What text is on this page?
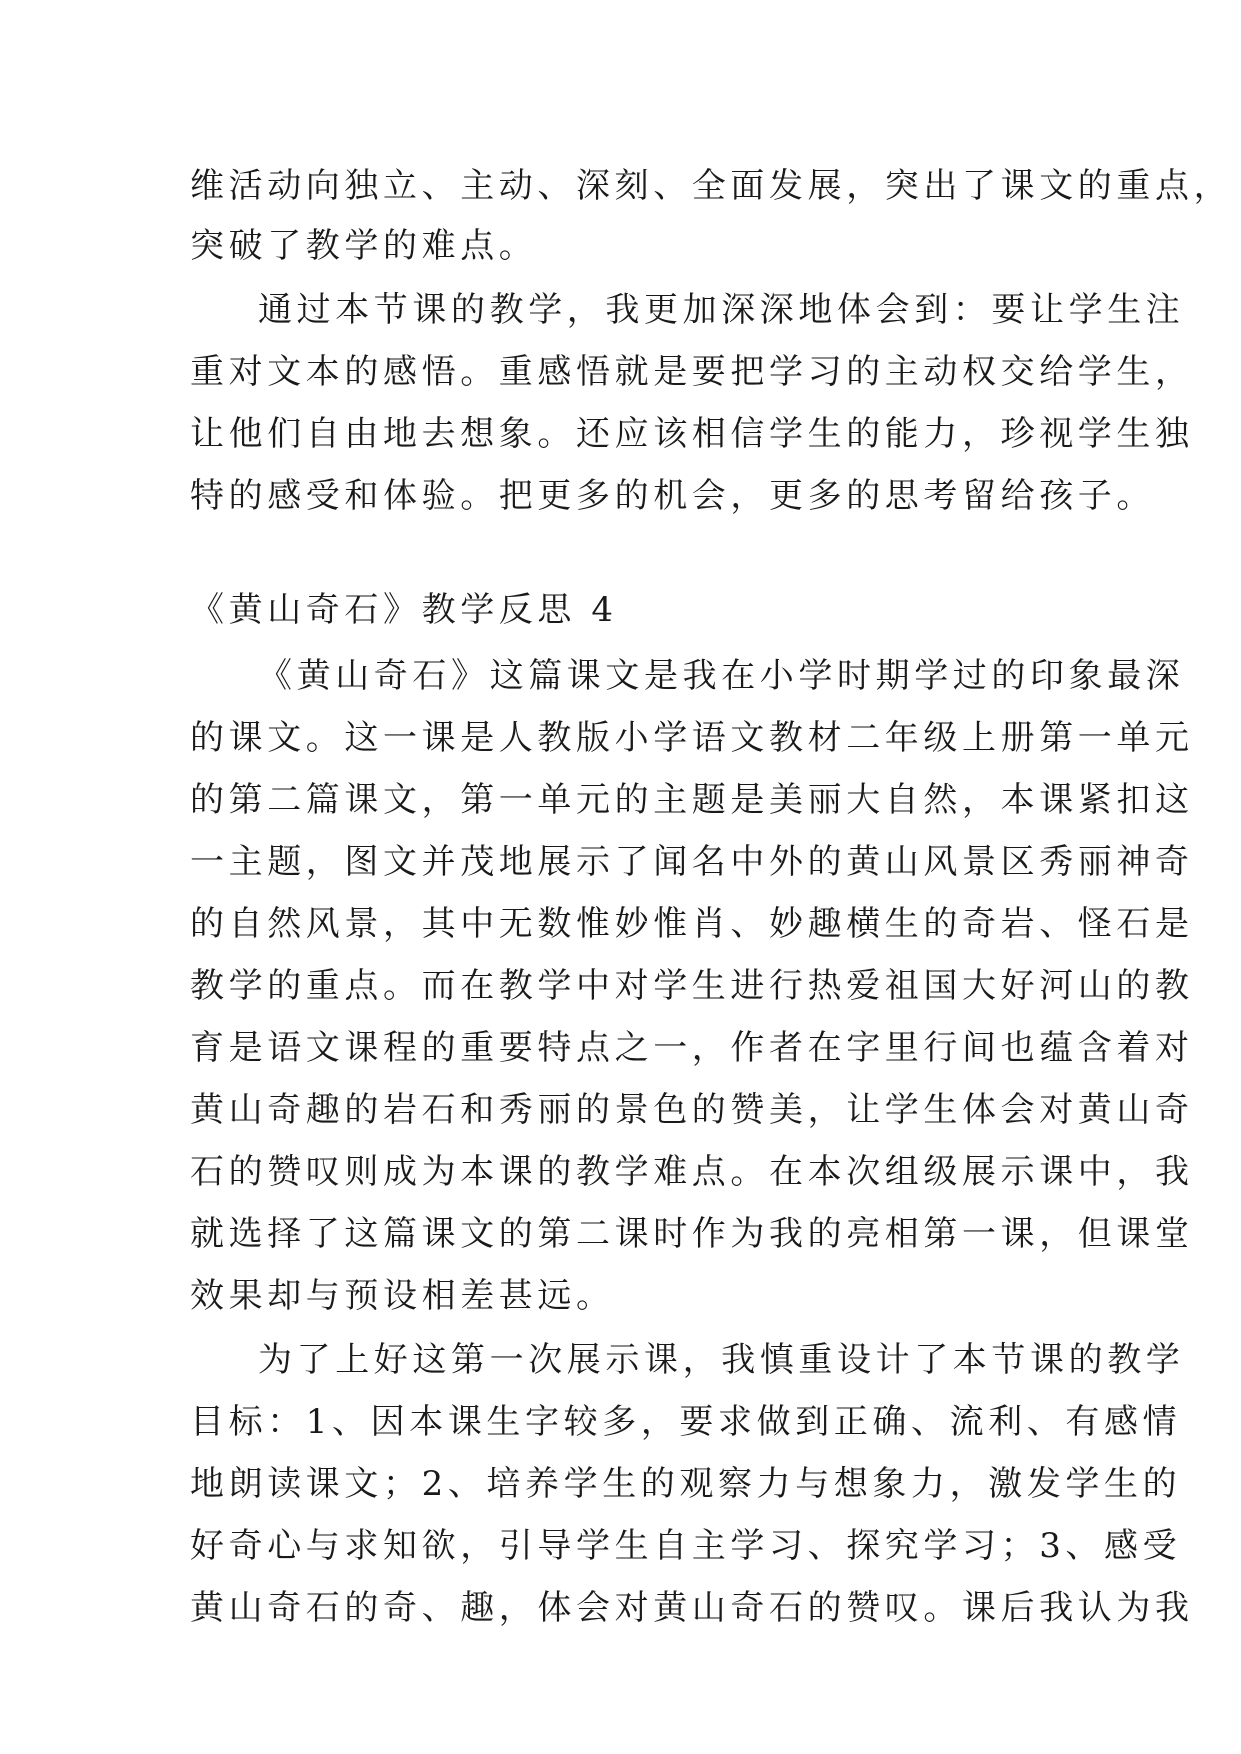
维活动向独立、主动、深刻、全面发展，突出了课文的重点，
突破了教学的难点。
通过本节课的教学，我更加深深地体会到：要让学生注
重对文本的感悟。重感悟就是要把学习的主动权交给学生，
让他们自由地去想象。还应该相信学生的能力，珍视学生独
特的感受和体验。把更多的机会，更多的思考留给孩子。
《黄山奇石》教学反思 4
《黄山奇石》这篇课文是我在小学时期学过的印象最深
的课文。这一课是人教版小学语文教材二年级上册第一单元
的第二篇课文，第一单元的主题是美丽大自然，本课紧扣这
一主题，图文并茂地展示了闻名中外的黄山风景区秀丽神奇
的自然风景，其中无数惟妙惟肖、妙趣横生的奇岩、怪石是
教学的重点。而在教学中对学生进行热爱祖国大好河山的教
育是语文课程的重要特点之一，作者在字里行间也蕴含着对
黄山奇趣的岩石和秀丽的景色的赞美，让学生体会对黄山奇
石的赞叹则成为本课的教学难点。在本次组级展示课中，我
就选择了这篇课文的第二课时作为我的亮相第一课，但课堂
效果却与预设相差甚远。
为了上好这第一次展示课，我慎重设计了本节课的教学
目标：1、因本课生字较多，要求做到正确、流利、有感情
地朗读课文；2、培养学生的观察力与想象力，激发学生的
好奇心与求知欲，引导学生自主学习、探究学习；3、感受
黄山奇石的奇、趣，体会对黄山奇石的赞叹。课后我认为我
